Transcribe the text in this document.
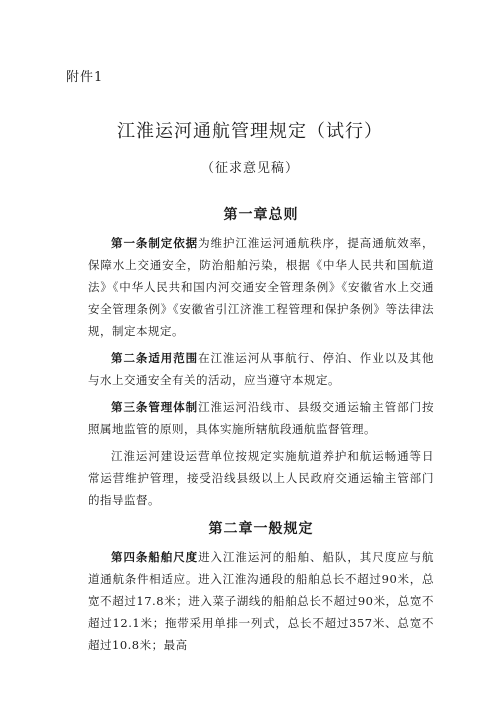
附件1
江淮运河通航管理规定（试行）
（征求意见稿）
第一章总则

第一条制定依据为维护江淮运河通航秩序，提高通航效率，保障水上交通安全，防治船舶污染，根据《中华人民共和国航道法》《中华人民共和国内河交通安全管理条例》《安徽省水上交通安全管理条例》《安徽省引江济淮工程管理和保护条例》等法律法规，制定本规定。

第二条适用范围在江淮运河从事航行、停泊、作业以及其他与水上交通安全有关的活动，应当遵守本规定。

第三条管理体制江淮运河沿线市、县级交通运输主管部门按照属地监管的原则，具体实施所辖航段通航监督管理。

江淮运河建设运营单位按规定实施航道养护和航运畅通等日常运营维护管理，接受沿线县级以上人民政府交通运输主管部门的指导监督。

第二章一般规定

第四条船舶尺度进入江淮运河的船舶、船队，其尺度应与航道通航条件相适应。进入江淮沟通段的船舶总长不超过90米，总宽不超过17.8米；进入菜子湖线的船舶总长不超过90米，总宽不超过12.1米；拖带采用单排一列式，总长不超过357米、总宽不超过10.8米；最高
